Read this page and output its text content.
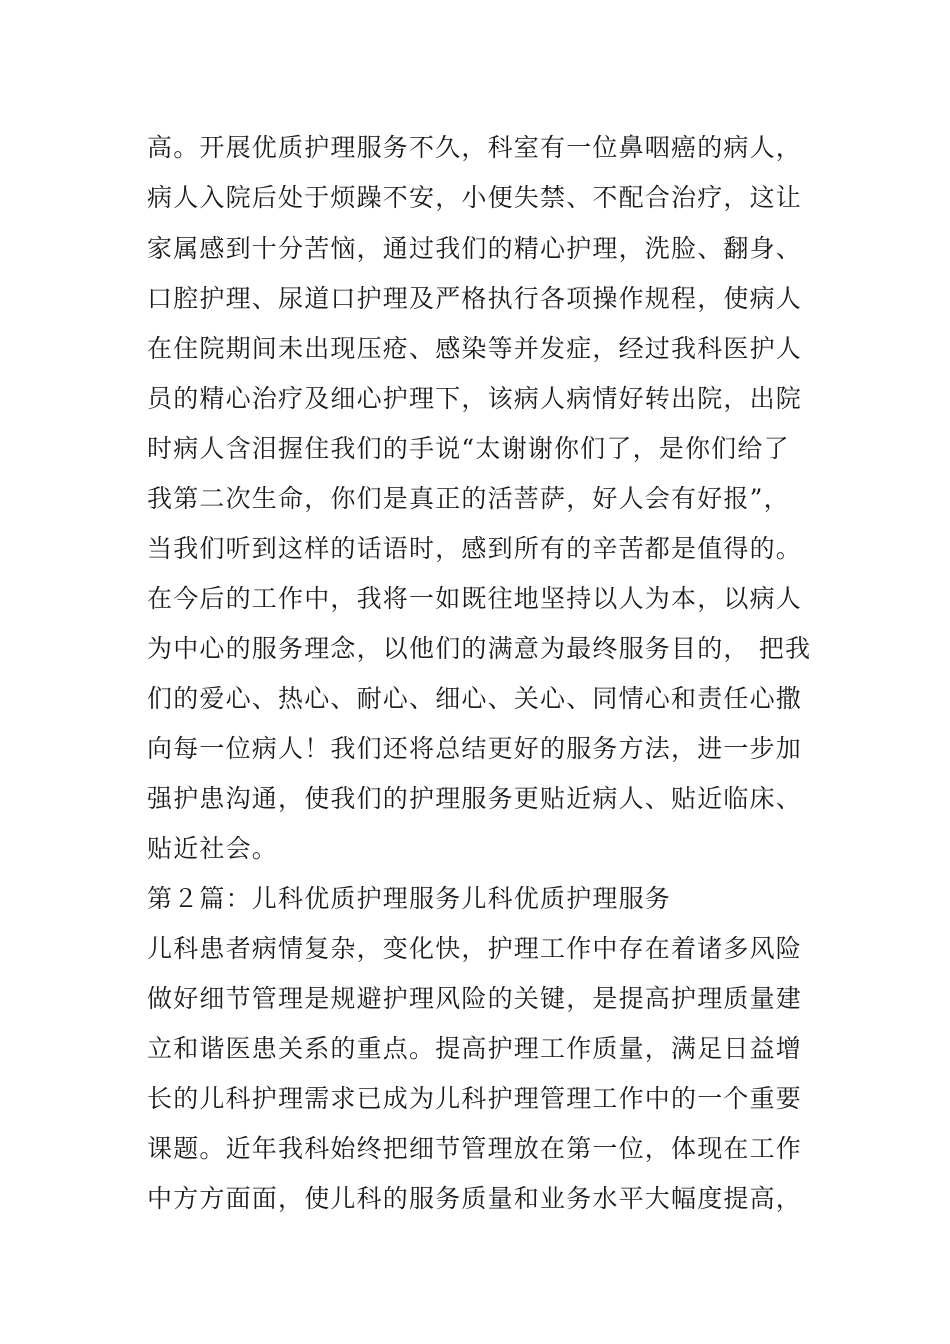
高。开展优质护理服务不久，科室有一位鼻咽癌的病人，
病人入院后处于烦躁不安，小便失禁、不配合治疗，这让
家属感到十分苦恼，通过我们的精心护理，洗脸、翻身、
口腔护理、尿道口护理及严格执行各项操作规程，使病人
在住院期间未出现压疮、感染等并发症，经过我科医护人
员的精心治疗及细心护理下，该病人病情好转出院，出院
时病人含泪握住我们的手说“太谢谢你们了，是你们给了
我第二次生命，你们是真正的活菩萨，好人会有好报”，
当我们听到这样的话语时，感到所有的辛苦都是值得的。
在今后的工作中，我将一如既往地坚持以人为本，以病人
为中心的服务理念，以他们的满意为最终服务目的， 把我
们的爱心、热心、耐心、细心、关心、同情心和责任心撒
向每一位病人！我们还将总结更好的服务方法，进一步加
强护患沟通，使我们的护理服务更贴近病人、贴近临床、
贴近社会。
第２篇：儿科优质护理服务儿科优质护理服务
儿科患者病情复杂，变化快，护理工作中存在着诸多风险
做好细节管理是规避护理风险的关键，是提高护理质量建
立和谐医患关系的重点。提高护理工作质量，满足日益增
长的儿科护理需求已成为儿科护理管理工作中的一个重要
课题。近年我科始终把细节管理放在第一位，体现在工作
中方方面面，使儿科的服务质量和业务水平大幅度提高，
